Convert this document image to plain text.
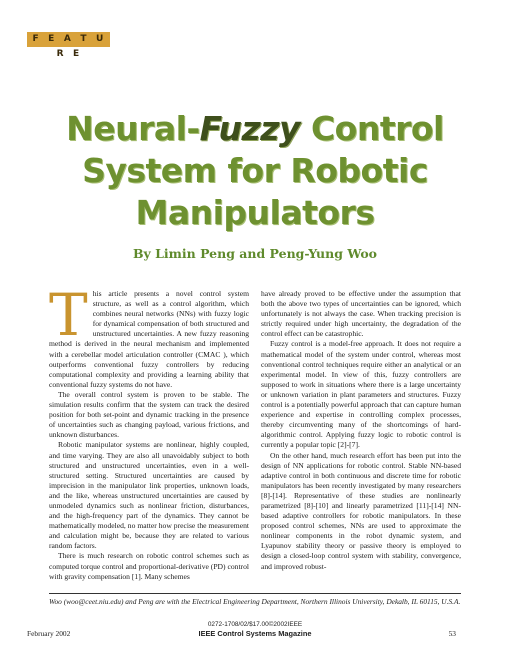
F E A T U R E
Neural-Fuzzy Control
System for Robotic
Manipulators
By Limin Peng and Peng-Yung Woo

This article presents a novel control system structure, as well as a control algorithm, which combines neural networks (NNs) with fuzzy logic for dynamical compensation of both structured and unstructured uncertainties. A new fuzzy reasoning method is derived in the neural mechanism and implemented with a cerebellar model articulation controller (CMAC ), which outperforms conventional fuzzy controllers by reducing computational complexity and providing a learning ability that conventional fuzzy systems do not have.

The overall control system is proven to be stable. The simulation results confirm that the system can track the desired position for both set-point and dynamic tracking in the presence of uncertainties such as changing payload, various frictions, and unknown disturbances.

Robotic manipulator systems are nonlinear, highly coupled, and time varying. They are also all unavoidably subject to both structured and unstructured uncertainties, even in a well-structured setting. Structured uncertainties are caused by imprecision in the manipulator link properties, unknown loads, and the like, whereas unstructured uncertainties are caused by unmodeled dynamics such as nonlinear friction, disturbances, and the high-frequency part of the dynamics. They cannot be mathematically modeled, no matter how precise the measurement and calculation might be, because they are related to various random factors.

There is much research on robotic control schemes such as computed torque control and proportional-derivative (PD) control with gravity compensation [1]. Many schemes

have already proved to be effective under the assumption that both the above two types of uncertainties can be ignored, which unfortunately is not always the case. When tracking precision is strictly required under high uncertainty, the degradation of the control effect can be catastrophic.

Fuzzy control is a model-free approach. It does not require a mathematical model of the system under control, whereas most conventional control techniques require either an analytical or an experimental model. In view of this, fuzzy controllers are supposed to work in situations where there is a large uncertainty or unknown variation in plant parameters and structures. Fuzzy control is a potentially powerful approach that can capture human experience and expertise in controlling complex processes, thereby circumventing many of the shortcomings of hard-algorithmic control. Applying fuzzy logic to robotic control is currently a popular topic [2]-[7].

On the other hand, much research effort has been put into the design of NN applications for robotic control. Stable NN-based adaptive control in both continuous and discrete time for robotic manipulators has been recently investigated by many researchers [8]-[14]. Representative of these studies are nonlinearly parametrized [8]-[10] and linearly parametrized [11]-[14] NN-based adaptive controllers for robotic manipulators. In these proposed control schemes, NNs are used to approximate the nonlinear components in the robot dynamic system, and Lyapunov stability theory or passive theory is employed to design a closed-loop control system with stability, convergence, and improved robust-

Woo (woo@ceet.niu.edu) and Peng are with the Electrical Engineering Department, Northern Illinois University, Dekalb, IL 60115, U.S.A.
February 2002
0272-1708/02/$17.00©2002IEEE
IEEE Control Systems Magazine	53
